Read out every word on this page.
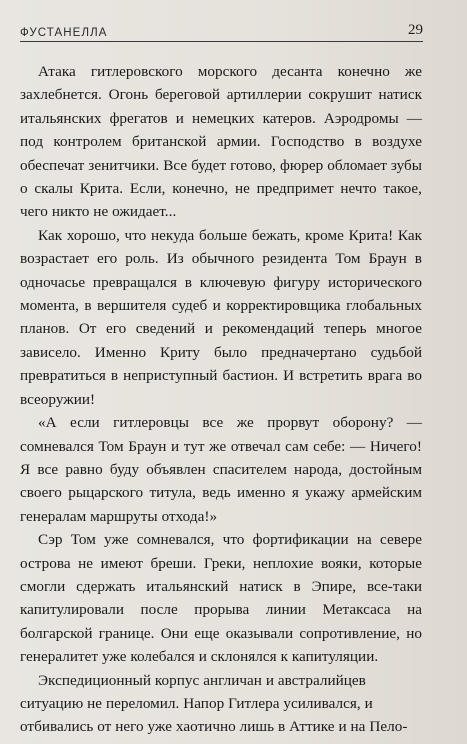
ФУСТАНЕЛЛА	29

Атака гитлеровского морского десанта конечно же захлебнется. Огонь береговой артиллерии сокрушит натиск итальянских фрегатов и немецких катеров. Аэродромы — под контролем британской армии. Господство в воздухе обеспечат зенитчики. Все будет готово, фюрер обломает зубы о скалы Крита. Если, конечно, не предпримет нечто такое, чего никто не ожидает...

Как хорошо, что некуда больше бежать, кроме Крита! Как возрастает его роль. Из обычного резидента Том Браун в одночасье превращался в ключевую фигуру исторического момента, в вершителя судеб и корректировщика глобальных планов. От его сведений и рекомендаций теперь многое зависело. Именно Криту было предначертано судьбой превратиться в неприступный бастион. И встретить врага во всеоружии!

«А если гитлеровцы все же прорвут оборону? — сомневался Том Браун и тут же отвечал сам себе: — Ничего! Я все равно буду объявлен спасителем народа, достойным своего рыцарского титула, ведь именно я укажу армейским генералам маршруты отхода!»

Сэр Том уже сомневался, что фортификации на севере острова не имеют бреши. Греки, неплохие вояки, которые смогли сдержать итальянский натиск в Эпире, все-таки капитулировали после прорыва линии Метаксаса на болгарской границе. Они еще оказывали сопротивление, но генералитет уже колебался и склонялся к капитуляции.

Экспедиционный корпус англичан и австралийцев ситуацию не переломил. Напор Гитлера усиливался, и отбивались от него уже хаотично лишь в Аттике и на Пело-
